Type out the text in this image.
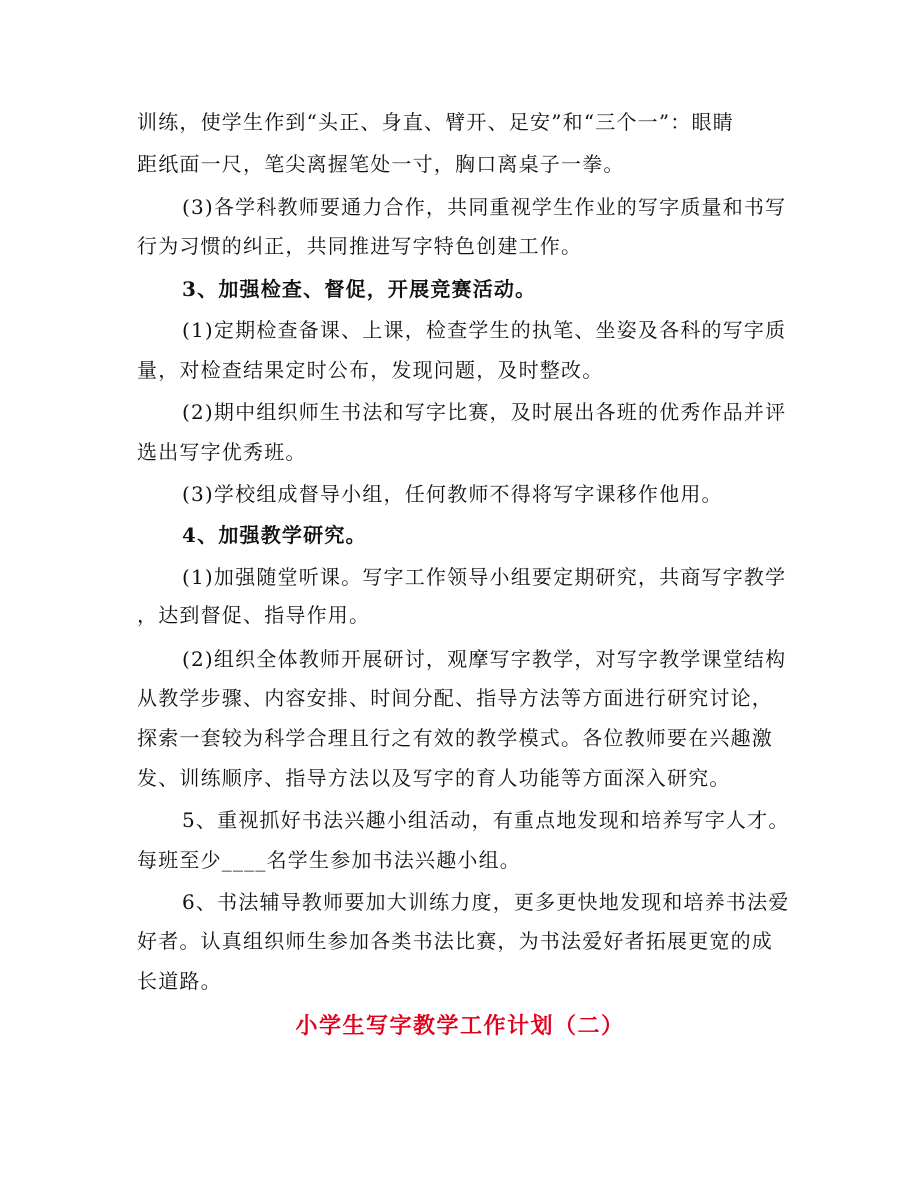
训练，使学生作到“头正、身直、臂开、足安”和“三个一”：眼睛
距纸面一尺，笔尖离握笔处一寸，胸口离桌子一拳。
(3)各学科教师要通力合作，共同重视学生作业的写字质量和书写
行为习惯的纠正，共同推进写字特色创建工作。
3、加强检查、督促，开展竞赛活动。
(1)定期检查备课、上课，检查学生的执笔、坐姿及各科的写字质
量，对检查结果定时公布，发现问题，及时整改。
(2)期中组织师生书法和写字比赛，及时展出各班的优秀作品并评
选出写字优秀班。
(3)学校组成督导小组，任何教师不得将写字课移作他用。
4、加强教学研究。
(1)加强随堂听课。写字工作领导小组要定期研究，共商写字教学
，达到督促、指导作用。
(2)组织全体教师开展研讨，观摩写字教学，对写字教学课堂结构
从教学步骤、内容安排、时间分配、指导方法等方面进行研究讨论，
探索一套较为科学合理且行之有效的教学模式。各位教师要在兴趣激
发、训练顺序、指导方法以及写字的育人功能等方面深入研究。
5、重视抓好书法兴趣小组活动，有重点地发现和培养写字人才。
每班至少____名学生参加书法兴趣小组。
6、书法辅导教师要加大训练力度，更多更快地发现和培养书法爱
好者。认真组织师生参加各类书法比赛，为书法爱好者拓展更宽的成
长道路。
小学生写字教学工作计划（二）
